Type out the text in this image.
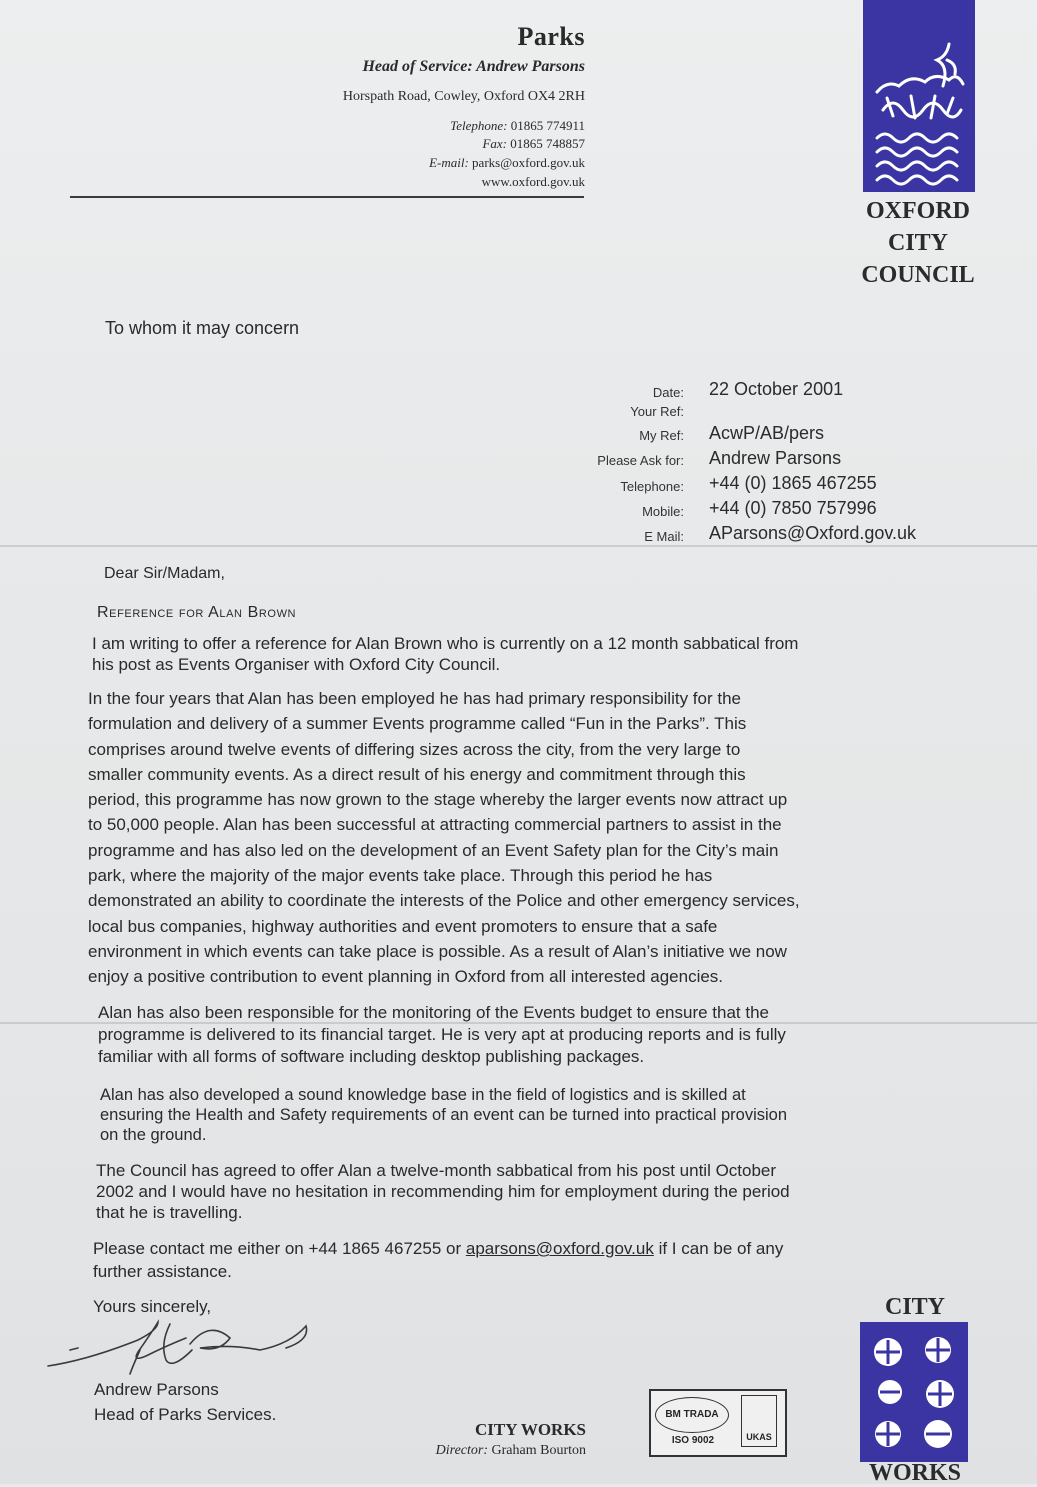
Parks
Head of Service: Andrew Parsons
Horspath Road, Cowley, Oxford OX4 2RH
Telephone: 01865 774911
Fax: 01865 748857
E-mail: parks@oxford.gov.uk
www.oxford.gov.uk
OXFORD
CITY
COUNCIL
To whom it may concern
Date: 22 October 2001
Your Ref:
My Ref: AcwP/AB/pers
Please Ask for: Andrew Parsons
Telephone: +44 (0) 1865 467255
Mobile: +44 (0) 7850 757996
E Mail: AParsons@Oxford.gov.uk
Dear Sir/Madam,
Reference for Alan Brown
I am writing to offer a reference for Alan Brown who is currently on a 12 month sabbatical from
his post as Events Organiser with Oxford City Council.
In the four years that Alan has been employed he has had primary responsibility for the
formulation and delivery of a summer Events programme called “Fun in the Parks”. This
comprises around twelve events of differing sizes across the city, from the very large to
smaller community events. As a direct result of his energy and commitment through this
period, this programme has now grown to the stage whereby the larger events now attract up
to 50,000 people. Alan has been successful at attracting commercial partners to assist in the
programme and has also led on the development of an Event Safety plan for the City’s main
park, where the majority of the major events take place. Through this period he has
demonstrated an ability to coordinate the interests of the Police and other emergency services,
local bus companies, highway authorities and event promoters to ensure that a safe
environment in which events can take place is possible. As a result of Alan’s initiative we now
enjoy a positive contribution to event planning in Oxford from all interested agencies.
Alan has also been responsible for the monitoring of the Events budget to ensure that the
programme is delivered to its financial target. He is very apt at producing reports and is fully
familiar with all forms of software including desktop publishing packages.
Alan has also developed a sound knowledge base in the field of logistics and is skilled at
ensuring the Health and Safety requirements of an event can be turned into practical provision
on the ground.
The Council has agreed to offer Alan a twelve-month sabbatical from his post until October
2002 and I would have no hesitation in recommending him for employment during the period
that he is travelling.
Please contact me either on +44 1865 467255 or aparsons@oxford.gov.uk if I can be of any
further assistance.
Yours sincerely,
Andrew Parsons
Head of Parks Services.
CITY WORKS
Director: Graham Bourton
BM TRADA
ISO 9002	UKAS
CITY
WORKS
